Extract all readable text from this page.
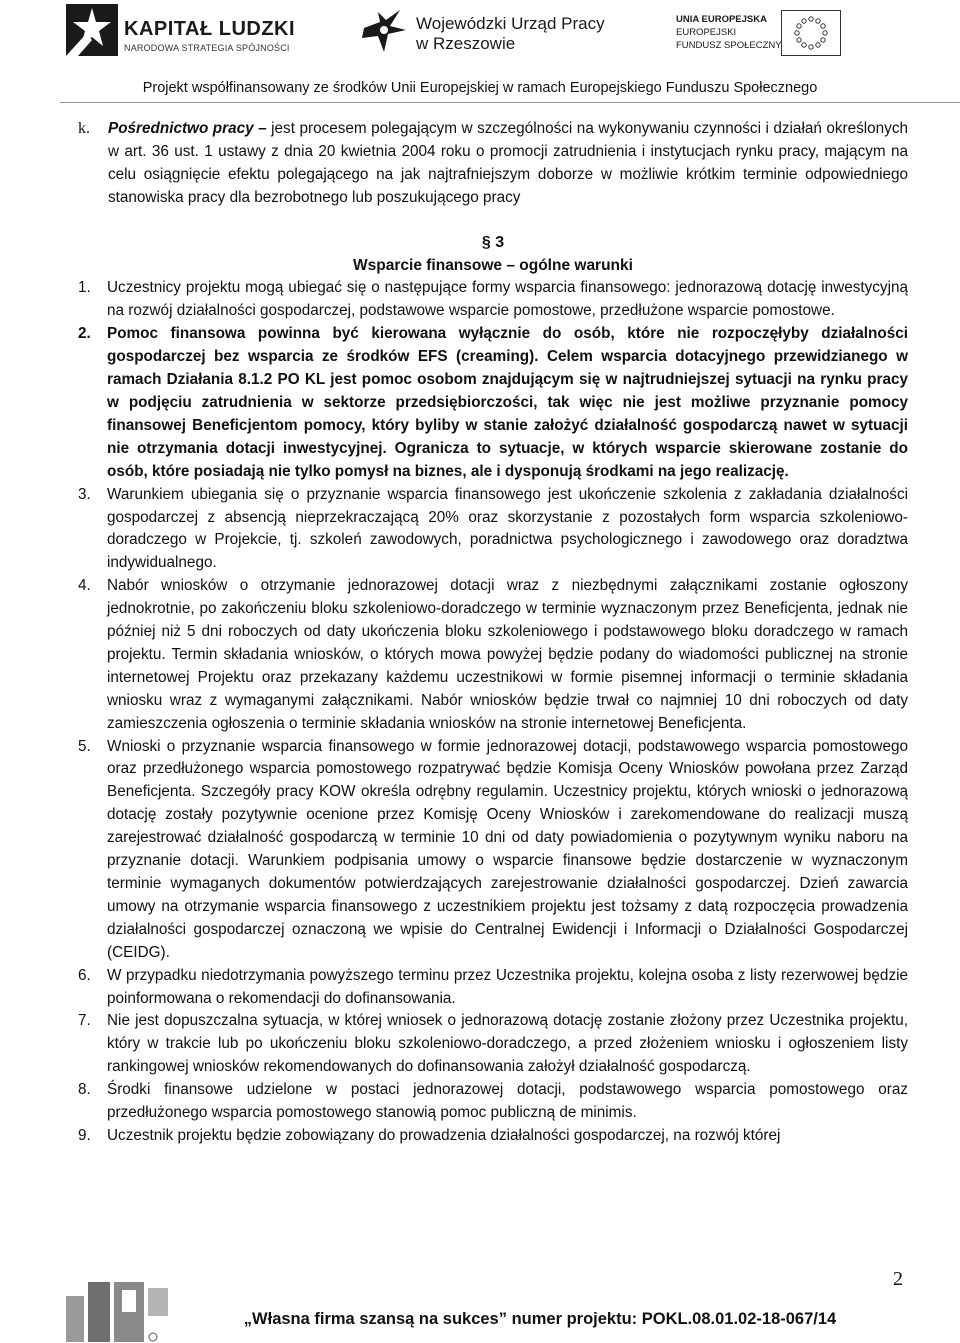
KAPITAŁ LUDZKI
NARODOWA STRATEGIA SPÓJNOŚCI
Wojewódzki Urząd Pracy
w Rzeszowie
UNIA EUROPEJSKA
EUROPEJSKI
FUNDUSZ SPOŁECZNY
Projekt współfinansowany ze środków Unii Europejskiej w ramach Europejskiego Funduszu Społecznego
k. Pośrednictwo pracy – jest procesem polegającym w szczególności na wykonywaniu czynności i działań określonych w art. 36 ust. 1 ustawy z dnia 20 kwietnia 2004 roku o promocji zatrudnienia i instytucjach rynku pracy, mającym na celu osiągnięcie efektu polegającego na jak najtrafniejszym doborze w możliwie krótkim terminie odpowiedniego stanowiska pracy dla bezrobotnego lub poszukującego pracy
§ 3
Wsparcie finansowe – ogólne warunki
1. Uczestnicy projektu mogą ubiegać się o następujące formy wsparcia finansowego: jednorazową dotację inwestycyjną na rozwój działalności gospodarczej, podstawowe wsparcie pomostowe, przedłużone wsparcie pomostowe.
2. Pomoc finansowa powinna być kierowana wyłącznie do osób, które nie rozpoczęłyby działalności gospodarczej bez wsparcia ze środków EFS (creaming). Celem wsparcia dotacyjnego przewidzianego w ramach Działania 8.1.2 PO KL jest pomoc osobom znajdującym się w najtrudniejszej sytuacji na rynku pracy w podjęciu zatrudnienia w sektorze przedsiębiorczości, tak więc nie jest możliwe przyznanie pomocy finansowej Beneficjentom pomocy, który byliby w stanie założyć działalność gospodarczą nawet w sytuacji nie otrzymania dotacji inwestycyjnej. Ogranicza to sytuacje, w których wsparcie skierowane zostanie do osób, które posiadają nie tylko pomysł na biznes, ale i dysponują środkami na jego realizację.
3. Warunkiem ubiegania się o przyznanie wsparcia finansowego jest ukończenie szkolenia z zakładania działalności gospodarczej z absencją nieprzekraczającą 20% oraz skorzystanie z pozostałych form wsparcia szkoleniowo-doradczego w Projekcie, tj. szkoleń zawodowych, poradnictwa psychologicznego i zawodowego oraz doradztwa indywidualnego.
4. Nabór wniosków o otrzymanie jednorazowej dotacji wraz z niezbędnymi załącznikami zostanie ogłoszony jednokrotnie, po zakończeniu bloku szkoleniowo-doradczego w terminie wyznaczonym przez Beneficjenta, jednak nie później niż 5 dni roboczych od daty ukończenia bloku szkoleniowego i podstawowego bloku doradczego w ramach projektu. Termin składania wniosków, o których mowa powyżej będzie podany do wiadomości publicznej na stronie internetowej Projektu oraz przekazany każdemu uczestnikowi w formie pisemnej informacji o terminie składania wniosku wraz z wymaganymi załącznikami. Nabór wniosków będzie trwał co najmniej 10 dni roboczych od daty zamieszczenia ogłoszenia o terminie składania wniosków na stronie internetowej Beneficjenta.
5. Wnioski o przyznanie wsparcia finansowego w formie jednorazowej dotacji, podstawowego wsparcia pomostowego oraz przedłużonego wsparcia pomostowego rozpatrywać będzie Komisja Oceny Wniosków powołana przez Zarząd Beneficjenta. Szczegóły pracy KOW określa odrębny regulamin. Uczestnicy projektu, których wnioski o jednorazową dotację zostały pozytywnie ocenione przez Komisję Oceny Wniosków i zarekomendowane do realizacji muszą zarejestrować działalność gospodarczą w terminie 10 dni od daty powiadomienia o pozytywnym wyniku naboru na przyznanie dotacji. Warunkiem podpisania umowy o wsparcie finansowe będzie dostarczenie w wyznaczonym terminie wymaganych dokumentów potwierdzających zarejestrowanie działalności gospodarczej. Dzień zawarcia umowy na otrzymanie wsparcia finansowego z uczestnikiem projektu jest tożsamy z datą rozpoczęcia prowadzenia działalności gospodarczej oznaczoną we wpisie do Centralnej Ewidencji i Informacji o Działalności Gospodarczej (CEIDG).
6. W przypadku niedotrzymania powyższego terminu przez Uczestnika projektu, kolejna osoba z listy rezerwowej będzie poinformowana o rekomendacji do dofinansowania.
7. Nie jest dopuszczalna sytuacja, w której wniosek o jednorazową dotację zostanie złożony przez Uczestnika projektu, który w trakcie lub po ukończeniu bloku szkoleniowo-doradczego, a przed złożeniem wniosku i ogłoszeniem listy rankingowej wniosków rekomendowanych do dofinansowania założył działalność gospodarczą.
8. Środki finansowe udzielone w postaci jednorazowej dotacji, podstawowego wsparcia pomostowego oraz przedłużonego wsparcia pomostowego stanowią pomoc publiczną de minimis.
9. Uczestnik projektu będzie zobowiązany do prowadzenia działalności gospodarczej, na rozwój której
2
„Własna firma szansą na sukces” numer projektu: POKL.08.01.02-18-067/14
